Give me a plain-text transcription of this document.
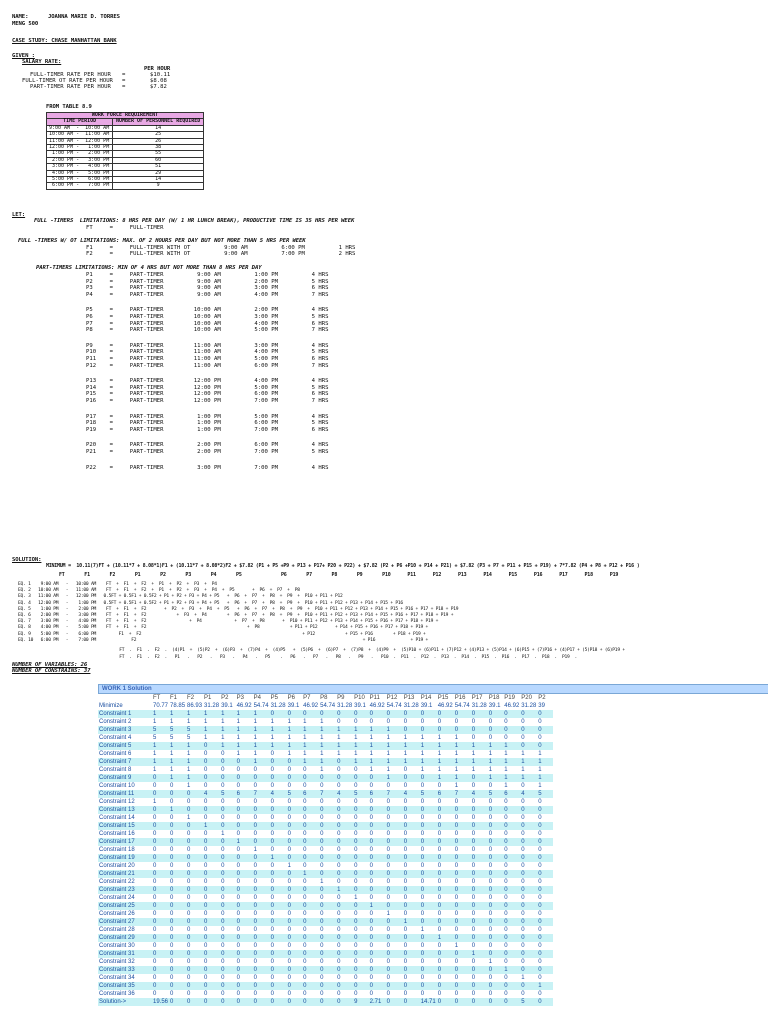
NAME:	JOANNA MARIE D. TORRES
MENG 500
CASE STUDY: CHASE MANHATTAN BANK
GIVEN :
SALARY RATE:
PER HOUR
FULL-TIMER RATE PER HOUR =	$10.11
FULL-TIMER OT RATE PER HOUR =	$8.08
PART-TIMER RATE PER HOUR =	$7.82
FROM TABLE 8.9
WORK FORCE REQUIREMENT	
TIME PERIOD	NUMBER OF PERSONNEL REQUIRED
9:00 AM  -  10:00 AM	14
10:00 AM -  11:00 AM	25
11:00 AM -  12:00 PM	26
12:00 PM -   1:00 PM	38
1:00 PM -   2:00 PM	55
2:00 PM -   3:00 PM	60
3:00 PM -   4:00 PM	51
4:00 PM -   5:00 PM	29
5:00 PM -   6:00 PM	14
6:00 PM -   7:00 PM	9
LET:
FULL -TIMERS  LIMITATIONS: 8 HRS PER DAY (W/ 1 HR LUNCH BREAK), PRODUCTIVE TIME IS 35 HRS PER WEEK
FT     =     FULL-TIMER
FULL -TIMERS W/ OT LIMITATIONS: MAX. OF 2 HOURS PER DAY BUT NOT MORE THAN 5 HRS PER WEEK
F1     =     FULL-TIMER WITH OT          9:00 AM          6:00 PM          1 HRS
F2     =     FULL-TIMER WITH OT          9:00 AM          7:00 PM          2 HRS
PART-TIMERS LIMITATIONS: MIN OF 4 HRS BUT NOT MORE THAN 8 HRS PER DAY
P1     =     PART-TIMER          9:00 AM          1:00 PM          4 HRS
P2     =     PART-TIMER          9:00 AM          2:00 PM          5 HRS
P3     =     PART-TIMER          9:00 AM          3:00 PM          6 HRS
P4     =     PART-TIMER          9:00 AM          4:00 PM          7 HRS
P5     =     PART-TIMER         10:00 AM          2:00 PM          4 HRS
P6     =     PART-TIMER         10:00 AM          3:00 PM          5 HRS
P7     =     PART-TIMER         10:00 AM          4:00 PM          6 HRS
P8     =     PART-TIMER         10:00 AM          5:00 PM          7 HRS
P9     =     PART-TIMER         11:00 AM          3:00 PM          4 HRS
P10    =     PART-TIMER         11:00 AM          4:00 PM          5 HRS
P11    =     PART-TIMER         11:00 AM          5:00 PM          6 HRS
P12    =     PART-TIMER         11:00 AM          6:00 PM          7 HRS
P13    =     PART-TIMER         12:00 PM          4:00 PM          4 HRS
P14    =     PART-TIMER         12:00 PM          5:00 PM          5 HRS
P15    =     PART-TIMER         12:00 PM          6:00 PM          6 HRS
P16    =     PART-TIMER         12:00 PM          7:00 PM          7 HRS
P17    =     PART-TIMER          1:00 PM          5:00 PM          4 HRS
P18    =     PART-TIMER          1:00 PM          6:00 PM          5 HRS
P19    =     PART-TIMER          1:00 PM          7:00 PM          6 HRS
P20    =     PART-TIMER          2:00 PM          6:00 PM          4 HRS
P21    =     PART-TIMER          2:00 PM          7:00 PM          5 HRS
P22    =     PART-TIMER          3:00 PM          7:00 PM          4 HRS
SOLUTION:
MINIMUM =  10.11(7)FT + (10.11*7 + 8.08*1)F1 + (10.11*7 + 8.08*2)F2 + $7.82 (P1 + P5 +P9 + P13 + P17+ P20 + P22) + $7.82 (P2 + P6 +P10 + P14 + P21) + $7.82 (P3 + P7 + P11 + P15 + P19) + 7*7.82 (P4 + P8 + P12 + P16 )
FT       F1       F2       P1       P2       P3       P4       P5              P6       P7       P8       P9       P10      P11      P12      P13      P14      P15      P16      P17      P18      P19
EQ. 1    9:00 AM   -   10:00 AM    FT  +  F1  +  F2  +  P1  +  P2  +  P3  +  P4
EQ. 2   10:00 AM   -   11:00 AM    FT  +  F1  +  F2  +  P1  +  P2  +  P3  +  P4  +  P5       +  P6  +  P7  +  P8
EQ. 3   11:00 AM   -   12:00 PM   0.5FT + 0.5F1 + 0.5F2 + P1 + P2 + P3 + P4 + P5   +  P6  +  P7  +  P8  +  P9  +  P10 + P11 + P12
EQ. 4   12:00 PM   -    1:00 PM   0.5FT + 0.5F1 + 0.5F2 + P1 + P2 + P3 + P4 + P5   +  P6  +  P7  +  P8  +  P9  +  P10 + P11 + P12 + P13 + P14 + P15 + P16
EQ. 5    1:00 PM   -    2:00 PM    FT  +  F1  +  F2       +  P2  +  P3  +  P4  +  P5   +  P6  +  P7  +  P8  +  P9  +  P10 + P11 + P12 + P13 + P14 + P15 + P16 + P17 + P18 + P19
EQ. 6    2:00 PM   -    3:00 PM    FT  +  F1  +  F2            +  P3  +  P4        +  P6  +  P7  +  P8  +  P9  +  P10 + P11 + P12 + P13 + P14 + P15 + P16 + P17 + P18 + P19 +
EQ. 7    3:00 PM   -    4:00 PM    FT  +  F1  +  F2                 +  P4             +  P7  +  P8       +  P10 + P11 + P12 + P13 + P14 + P15 + P16 + P17 + P18 + P19 +
EQ. 8    4:00 PM   -    5:00 PM    FT  +  F1  +  F2                                        +  P8            + P11 + P12       + P14 + P15 + P16 + P17 + P18 + P19 +
EQ. 9    5:00 PM   -    6:00 PM         F1  +  F2                                                                + P12            + P15 + P16        + P18 + P19 +
EQ. 10   6:00 PM   -    7:00 PM              F2                                                                                          + P16              + P19 +
FT  .  F1  .  F2  .  (4)P1  +  (5)P2  +  (6)P3  +  (7)P4  +  (4)P5   +  (5)P6  +  (6)P7  +  (7)P8  +  (4)P9  +  (5)P10 + (6)P11 + (7)P12 + (4)P13 + (5)P14 + (6)P15 + (7)P16 + (4)P17 + (5)P18 + (6)P19 +
FT  .  F1  .  F2  .   P1   .   P2   .   P3   .   P4   .   P5    .   P6   .   P7   .   P8   .   P9   .   P10  .  P11  .  P12  .  P13  .  P14  .  P15  .  P16  .  P17  .  P18  .  P19  .
NUMBER OF VARIABLES: 26
NUMBER OF CONSTRAINS: 37
WORK 1 Solution
	FT	F1	F2	P1	P2	P3	P4	P5	P6	P7	P8	P9	P10	P11	P12	P13	P14	P15	P16	P17	P18	P19	P20	P2
Minimize	70.77	78.85	86.93	31.28	39.1	46.92	54.74	31.28	39.1	46.92	54.74	31.28	39.1	46.92	54.74	31.28	39.1	46.92	54.74	31.28	39.1	46.92	31.28	39
Constraint 1	1	1	1	1	1	1	1	0	0	0	0	0	0	0	0	0	0	0	0	0	0	0	0	0
Constraint 2	1	1	1	1	1	1	1	1	1	1	1	0	0	0	0	0	0	0	0	0	0	0	0	0
Constraint 3	5	5	5	1	1	1	1	1	1	1	1	1	1	1	1	0	0	0	0	0	0	0	0	0
Constraint 4	5	5	5	1	1	1	1	1	1	1	1	1	1	1	1	1	1	1	1	0	0	0	0	0
Constraint 5	1	1	1	0	1	1	1	1	1	1	1	1	1	1	1	1	1	1	1	1	1	1	0	0
Constraint 6	1	1	1	0	0	1	1	0	1	1	1	1	1	1	1	1	1	1	1	1	1	1	1	1
Constraint 7	1	1	1	0	0	0	1	0	0	1	1	0	1	1	1	1	1	1	1	1	1	1	1	1
Constraint 8	1	1	1	0	0	0	0	0	0	0	1	0	0	1	1	0	1	1	1	1	1	1	1	1
Constraint 9	0	1	1	0	0	0	0	0	0	0	0	0	0	0	1	0	0	1	1	0	1	1	1	1
Constraint 10	0	0	1	0	0	0	0	0	0	0	0	0	0	0	0	0	0	0	1	0	0	1	0	1
Constraint 11	0	0	0	4	5	6	7	4	5	6	7	4	5	6	7	4	5	6	7	4	5	6	4	5
Constraint 12	1	0	0	0	0	0	0	0	0	0	0	0	0	0	0	0	0	0	0	0	0	0	0	0
Constraint 13	0	1	0	0	0	0	0	0	0	0	0	0	0	0	0	0	0	0	0	0	0	0	0	0
Constraint 14	0	0	1	0	0	0	0	0	0	0	0	0	0	0	0	0	0	0	0	0	0	0	0	0
Constraint 15	0	0	0	1	0	0	0	0	0	0	0	0	0	0	0	0	0	0	0	0	0	0	0	0
Constraint 16	0	0	0	0	1	0	0	0	0	0	0	0	0	0	0	0	0	0	0	0	0	0	0	0
Constraint 17	0	0	0	0	0	1	0	0	0	0	0	0	0	0	0	0	0	0	0	0	0	0	0	0
Constraint 18	0	0	0	0	0	0	1	0	0	0	0	0	0	0	0	0	0	0	0	0	0	0	0	0
Constraint 19	0	0	0	0	0	0	0	1	0	0	0	0	0	0	0	0	0	0	0	0	0	0	0	0
Constraint 20	0	0	0	0	0	0	0	0	1	0	0	0	0	0	0	0	0	0	0	0	0	0	0	0
Constraint 21	0	0	0	0	0	0	0	0	0	1	0	0	0	0	0	0	0	0	0	0	0	0	0	0
Constraint 22	0	0	0	0	0	0	0	0	0	0	1	0	0	0	0	0	0	0	0	0	0	0	0	0
Constraint 23	0	0	0	0	0	0	0	0	0	0	0	1	0	0	0	0	0	0	0	0	0	0	0	0
Constraint 24	0	0	0	0	0	0	0	0	0	0	0	0	1	0	0	0	0	0	0	0	0	0	0	0
Constraint 25	0	0	0	0	0	0	0	0	0	0	0	0	0	1	0	0	0	0	0	0	0	0	0	0
Constraint 26	0	0	0	0	0	0	0	0	0	0	0	0	0	0	1	0	0	0	0	0	0	0	0	0
Constraint 27	0	0	0	0	0	0	0	0	0	0	0	0	0	0	0	1	0	0	0	0	0	0	0	0
Constraint 28	0	0	0	0	0	0	0	0	0	0	0	0	0	0	0	0	1	0	0	0	0	0	0	0
Constraint 29	0	0	0	0	0	0	0	0	0	0	0	0	0	0	0	0	0	1	0	0	0	0	0	0
Constraint 30	0	0	0	0	0	0	0	0	0	0	0	0	0	0	0	0	0	0	1	0	0	0	0	0
Constraint 31	0	0	0	0	0	0	0	0	0	0	0	0	0	0	0	0	0	0	0	1	0	0	0	0
Constraint 32	0	0	0	0	0	0	0	0	0	0	0	0	0	0	0	0	0	0	0	0	1	0	0	0
Constraint 33	0	0	0	0	0	0	0	0	0	0	0	0	0	0	0	0	0	0	0	0	0	1	0	0
Constraint 34	0	0	0	0	0	0	0	0	0	0	0	0	0	0	0	0	0	0	0	0	0	0	1	0
Constraint 35	0	0	0	0	0	0	0	0	0	0	0	0	0	0	0	0	0	0	0	0	0	0	0	1
Constraint 36	0	0	0	0	0	0	0	0	0	0	0	0	0	0	0	0	0	0	0	0	0	0	0	0
Solution->	19.56	0	0	0	0	0	0	0	0	0	0	0	9	2.71	0	0	14.71	0	0	0	0	0	5	0
